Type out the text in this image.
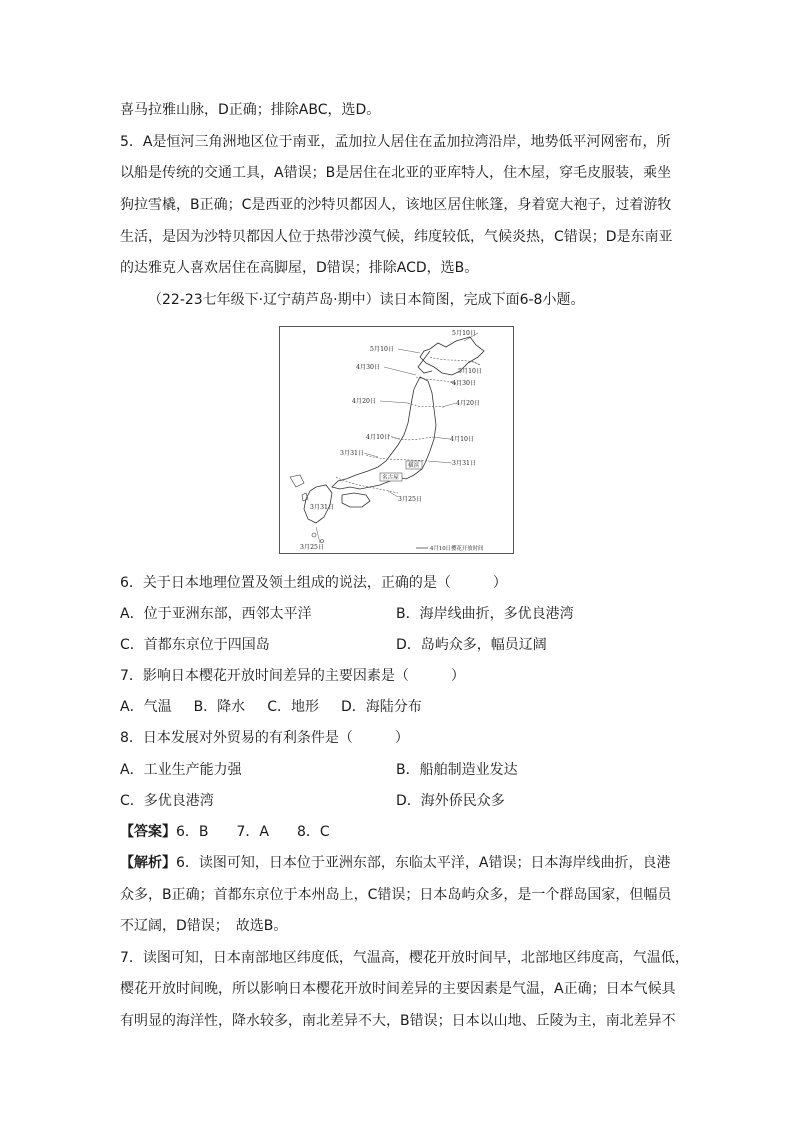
喜马拉雅山脉，D正确；排除ABC，选D。
5．A是恒河三角洲地区位于南亚，孟加拉人居住在孟加拉湾沿岸，地势低平河网密布，所
以船是传统的交通工具，A错误；B是居住在北亚的亚库特人，住木屋，穿毛皮服装，乘坐
狗拉雪橇，B正确；C是西亚的沙特贝都因人，该地区居住帐篷，身着宽大袍子，过着游牧
生活，是因为沙特贝都因人位于热带沙漠气候，纬度较低，气候炎热，C错误；D是东南亚
的达雅克人喜欢居住在高脚屋，D错误；排除ACD，选B。
（22-23七年级下·辽宁葫芦岛·期中）读日本简图，完成下面6-8小题。
5月10日
5月10日
5月10日
4月30日
4月30日
4月20日	4月20日
4月10日	4月10日
3月31日
3月31日
3月25日
3月25日
3月31日
名古屋
横滨
4月10日樱花开放时间
6．关于日本地理位置及领土组成的说法，正确的是（　　　）
A．位于亚洲东部，西邻太平洋	B．海岸线曲折，多优良港湾
C．首都东京位于四国岛	D．岛屿众多，幅员辽阔
7．影响日本樱花开放时间差异的主要因素是（　　　）
A．气温 B．降水 C．地形 D．海陆分布
8．日本发展对外贸易的有利条件是（　　　）
A．工业生产能力强	B．船舶制造业发达
C．多优良港湾	D．海外侨民众多
【答案】6．B　　7．A　　8．C
【解析】6．读图可知，日本位于亚洲东部，东临太平洋，A错误；日本海岸线曲折，良港
众多，B正确；首都东京位于本州岛上，C错误；日本岛屿众多，是一个群岛国家，但幅员
不辽阔，D错误；　故选B。
7．读图可知，日本南部地区纬度低，气温高，樱花开放时间早，北部地区纬度高，气温低，
樱花开放时间晚，所以影响日本樱花开放时间差异的主要因素是气温，A正确；日本气候具
有明显的海洋性，降水较多，南北差异不大，B错误；日本以山地、丘陵为主，南北差异不
